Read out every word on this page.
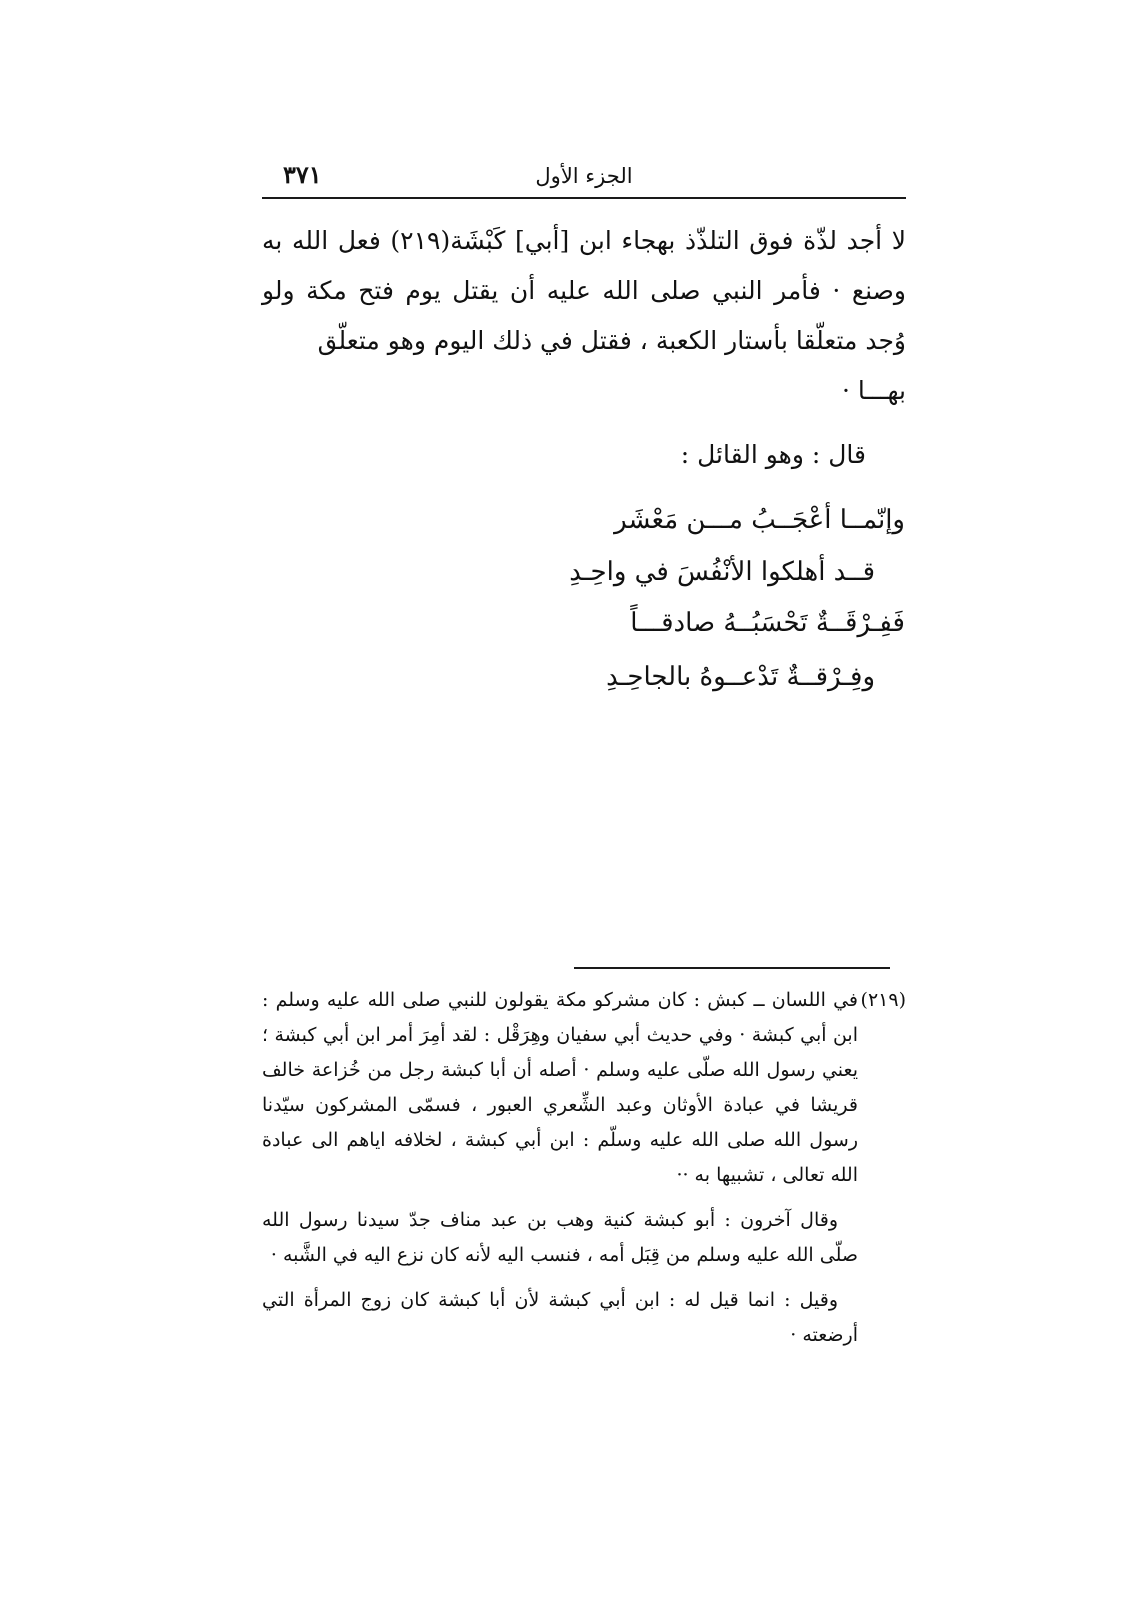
الجزء الأول
٣٧١

لا أجد لذّة فوق التلذّذ بهجاء ابن [أبي] كَبْشَة(٢١٩) فعل الله به وصنع · فأمر النبي صلى الله عليه أن يقتل يوم فتح مكة ولو وُجد متعلّقا بأستار الكعبة ، فقتل في ذلك اليوم وهو متعلّق

بهـــا ·

قال : وهو القائل :
وإنّمــا أعْجَــبُ مـــن مَعْشَر
قــد أهلكوا الأنْفُسَ في واحِـدِ
فَفِـرْقَــةٌ تَحْسَبُــهُ صادقـــاً
وفِـرْقــةٌ تَدْعــوهُ بالجاحِـدِ

(٢١٩)في اللسان ــ كبش : كان مشركو مكة يقولون للنبي صلى الله عليه وسلم : ابن أبي كبشة · وفي حديث أبي سفيان وهِرَقْل : لقد أمِرَ أمر ابن أبي كبشة ؛ يعني رسول الله صلّى عليه وسلم · أصله أن أبا كبشة رجل من خُزاعة خالف قريشا في عبادة الأوثان وعبد الشِّعري العبور ، فسمّى المشركون سيّدنا رسول الله صلى الله عليه وسلّم : ابن أبي كبشة ، لخلافه اياهم الى عبادة الله تعالى ، تشبيها به ··

وقال آخرون : أبو كبشة كنية وهب بن عبد مناف جدّ سيدنا رسول الله صلّى الله عليه وسلم من قِبَل أمه ، فنسب اليه لأنه كان نزع اليه في الشَّبه ·

وقيل : انما قيل له : ابن أبي كبشة لأن أبا كبشة كان زوج المرأة التي أرضعته ·
